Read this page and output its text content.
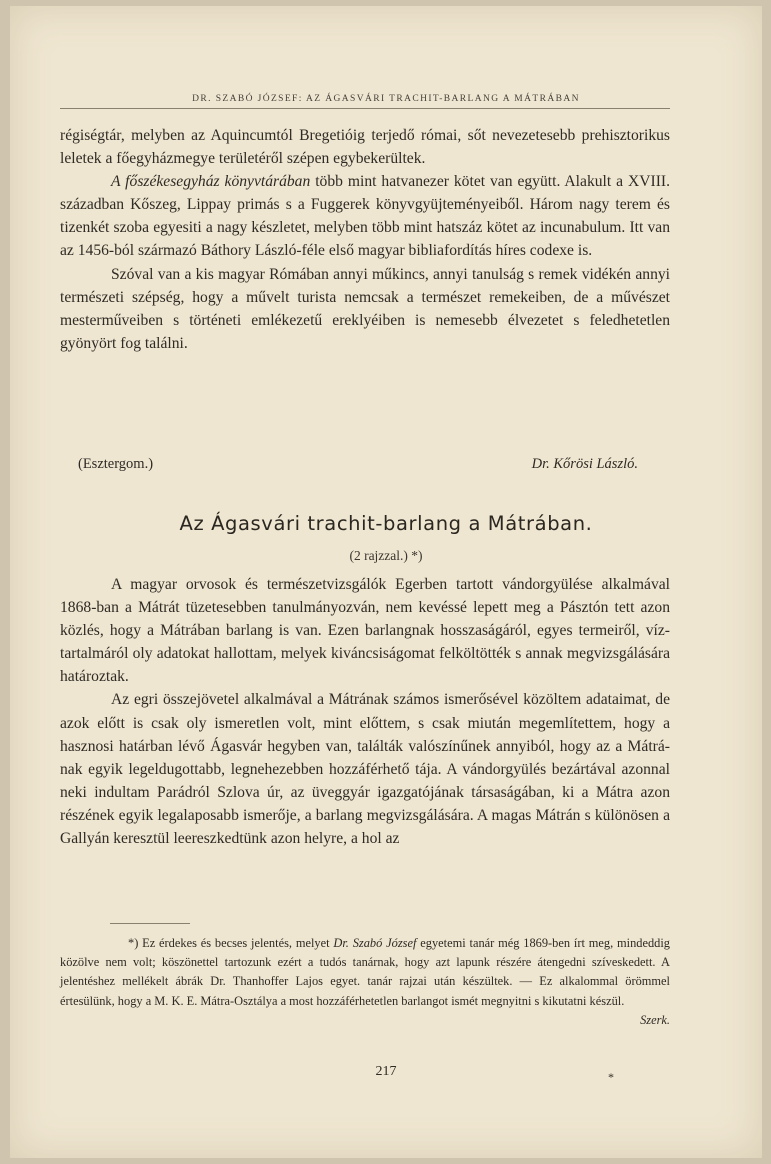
DR. SZABÓ JÓZSEF: AZ ÁGASVÁRI TRACHIT-BARLANG A MÁTRÁBAN

régiségtár, melyben az Aquincumtól Bregetióig terjedő római, sőt nevezetesebb prehisztorikus leletek a főegyházmegye területéről szépen egybekerültek.

A főszékesegyház könyvtárában több mint hatvanezer kötet van együtt. Alakult a XVIII. században Kőszeg, Lippay primás s a Fuggerek könyvgyüjteményeiből. Három nagy terem és tizenkét szoba egyesiti a nagy készletet, melyben több mint hatszáz kötet az incunabulum. Itt van az 1456-ból származó Báthory László-féle első magyar bibliafordítás híres codexe is.

Szóval van a kis magyar Rómában annyi műkincs, annyi tanulság s remek vidékén annyi természeti szépség, hogy a művelt turista nemcsak a természet remekeiben, de a művészet mesterműveiben s történeti emlékezetű ereklyéiben is nemesebb élvezetet s feledhetetlen gyönyört fog találni.

(Esztergom.)	Dr. Kőrösi László.
Az Ágasvári trachit-barlang a Mátrában.
(2 rajzzal.) *)

A magyar orvosok és természetvizsgálók Egerben tartott vándorgyülése alkalmával 1868-ban a Mátrát tüzetesebben tanulmányozván, nem kevéssé lepett meg a Pásztón tett azon közlés, hogy a Mátrában barlang is van. Ezen barlangnak hosszaságáról, egyes termeiről, víztartalmáról oly adatokat hallottam, melyek kiváncsiságomat felköltötték s annak megvizsgálására határoztak.

Az egri összejövetel alkalmával a Mátrának számos ismerősével közöltem adataimat, de azok előtt is csak oly ismeretlen volt, mint előttem, s csak miután megemlítettem, hogy a hasznosi határban lévő Ágasvár hegyben van, találták valószínűnek annyiból, hogy az a Mátrának egyik legeldugottabb, legnehezebben hozzáférhető tája. A vándorgyülés bezártával azonnal neki indultam Parádról Szlova úr, az üveggyár igazgatójának társaságában, ki a Mátra azon részének egyik legalaposabb ismerője, a barlang megvizsgálására. A magas Mátrán s különösen a Gallyán keresztül leereszkedtünk azon helyre, a hol az

*) Ez érdekes és becses jelentés, melyet Dr. Szabó József egyetemi tanár még 1869-ben írt meg, mindeddig közölve nem volt; köszönettel tartozunk ezért a tudós tanárnak, hogy azt lapunk részére átengedni szíveskedett. A jelentéshez mellékelt ábrák Dr. Thanhoffer Lajos egyet. tanár rajzai után készültek. — Ez alkalommal örömmel értesülünk, hogy a M. K. E. Mátra-Osztálya a most hozzáférhetetlen barlangot ismét megnyitni s kikutatni készül.
Szerk.

217	*
